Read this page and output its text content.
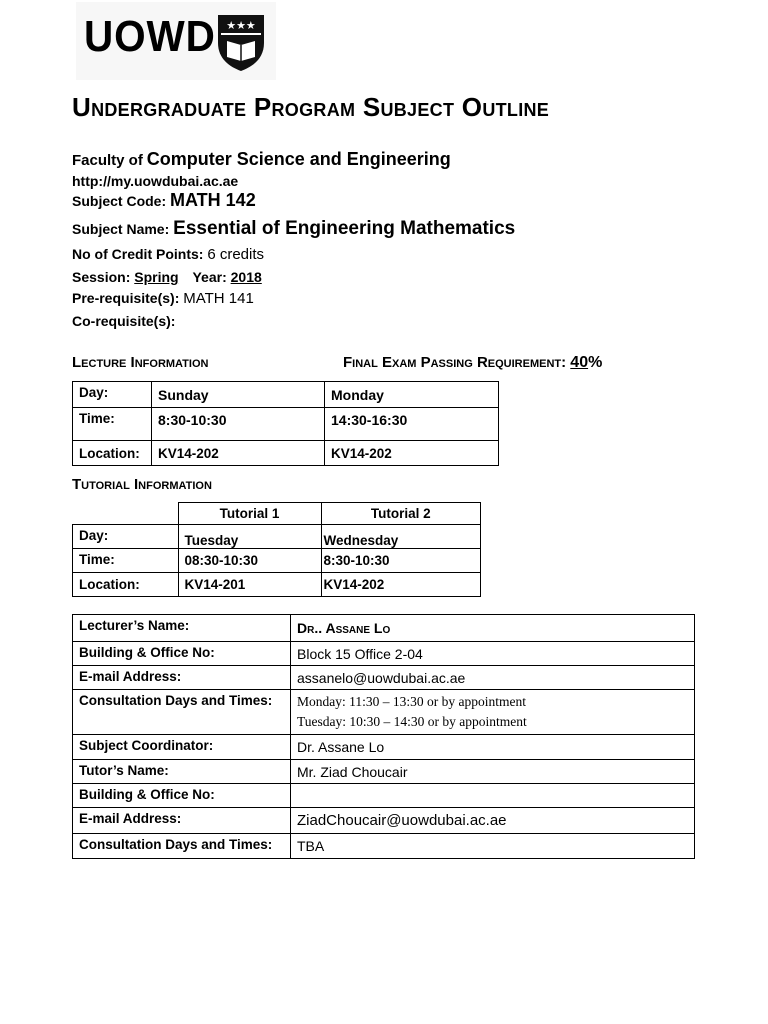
UOWD ★★★
Undergraduate Program Subject Outline
Faculty of Computer Science and Engineering
http://my.uowdubai.ac.ae
Subject Code: MATH 142
Subject Name: Essential of Engineering Mathematics
No of Credit Points: 6 credits
Session: Spring Year: 2018
Pre-requisite(s): MATH 141
Co-requisite(s):
Lecture Information	Final Exam Passing Requirement: 40%
Day:	Sunday	Monday
Time:	8:30-10:30	14:30-16:30
Location:	KV14-202	KV14-202
Tutorial Information
	Tutorial 1	Tutorial 2
Day:	Tuesday	Wednesday
Time:	08:30-10:30	8:30-10:30
Location:	KV14-201	KV14-202
Lecturer’s Name:	Dr.. Assane Lo
Building & Office No:	Block 15 Office 2-04
E-mail Address:	assanelo@uowdubai.ac.ae
Consultation Days and Times:	Monday: 11:30 – 13:30 or by appointment
Tuesday: 10:30 – 14:30 or by appointment

Subject Coordinator:	Dr. Assane Lo
Tutor’s Name:	Mr. Ziad Choucair
Building & Office No:	
E-mail Address:	ZiadChoucair@uowdubai.ac.ae
Consultation Days and Times:	TBA
